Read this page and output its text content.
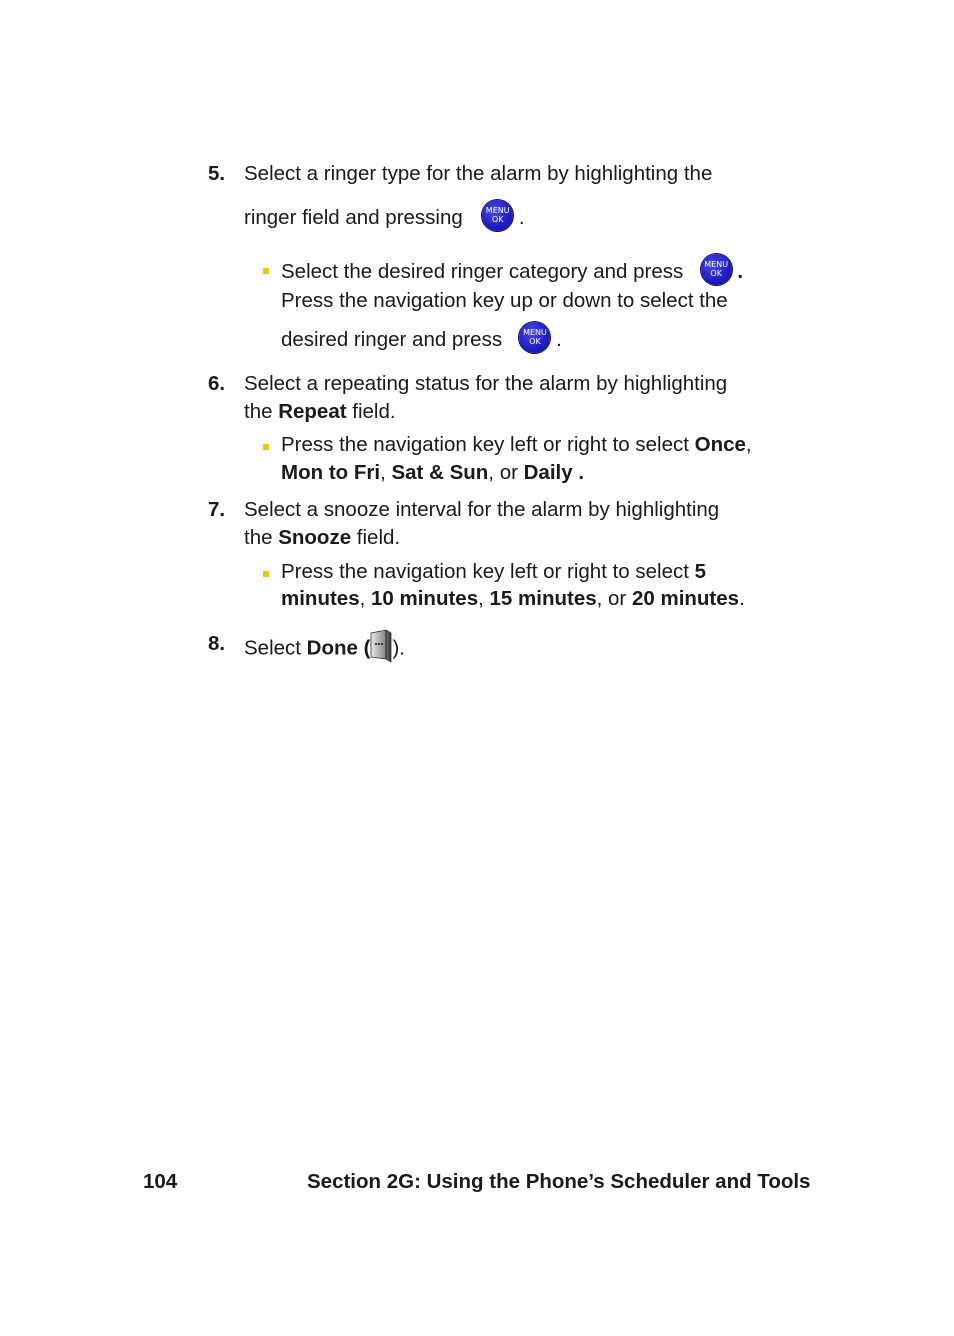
5. Select a ringer type for the alarm by highlighting the
ringer field and pressing	MENU
OK .
Select the desired ringer category and press	MENU
OK .
Press the navigation key up or down to select the
desired ringer and press	MENU
OK .
6. Select a repeating status for the alarm by highlighting
the Repeat field.
Press the navigation key left or right to select Once,
Mon to Fri, Sat & Sun, or Daily .
7. Select a snooze interval for the alarm by highlighting
the Snooze field.
Press the navigation key left or right to select 5
minutes, 10 minutes, 15 minutes, or 20 minutes.
8. Select Done ( ).
104	Section 2G: Using the Phone’s Scheduler and Tools
